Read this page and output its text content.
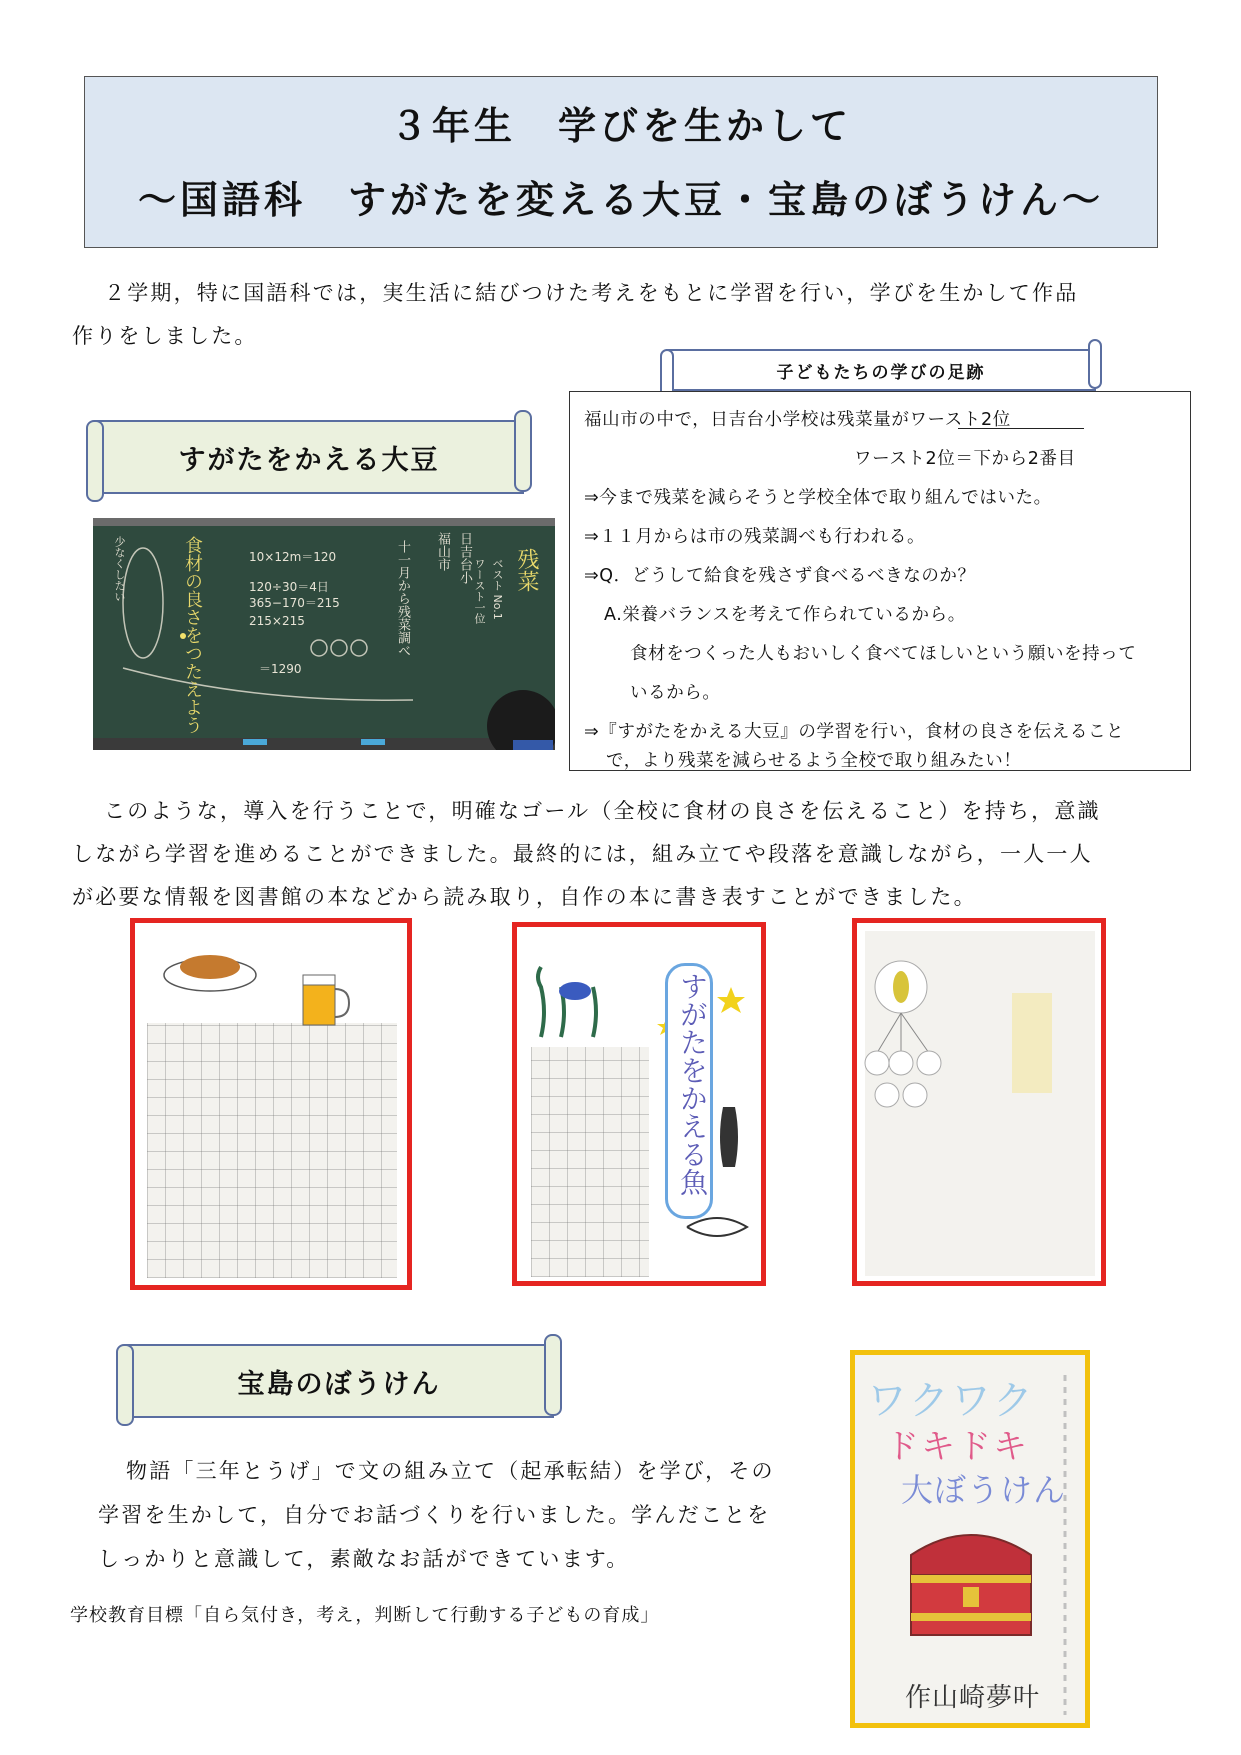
３年生　学びを生かして
～国語科　すがたを変える大豆・宝島のぼうけん～
２学期，特に国語科では，実生活に結びつけた考えをもとに学習を行い，学びを生かして作品
作りをしました。
子どもたちの学びの足跡
福山市の中で，日吉台小学校は残菜量がワースト2位
ワースト2位＝下から2番目
⇒今まで残菜を減らそうと学校全体で取り組んではいた。
⇒１１月からは市の残菜調べも行われる。
⇒Q．どうして給食を残さず食べるべきなのか？
A.栄養バランスを考えて作られているから。
食材をつくった人もおいしく食べてほしいという願いを持って
いるから。
⇒『すがたをかえる大豆』の学習を行い，食材の良さを伝えること
で，より残菜を減らせるよう全校で取り組みたい！
すがたをかえる大豆
少なくしたい	食材の良さをつたえよう	10×12m＝120
120÷30＝4日
365−170＝215
215×215
＝1290
十一月から残菜調べ 福山市 日吉台小 ワースト一位 ベスト No.1 残菜
このような，導入を行うことで，明確なゴール（全校に食材の良さを伝えること）を持ち，意識
しながら学習を進めることができました。最終的には，組み立てや段落を意識しながら，一人一人
が必要な情報を図書館の本などから読み取り，自作の本に書き表すことができました。
すがたをかえる魚
宝島のぼうけん
物語「三年とうげ」で文の組み立て（起承転結）を学び，その
学習を生かして，自分でお話づくりを行いました。学んだことを
しっかりと意識して，素敵なお話ができています。
ワクワク
ドキドキ
大ぼうけん
作山崎夢叶
学校教育目標「自ら気付き，考え，判断して行動する子どもの育成」
